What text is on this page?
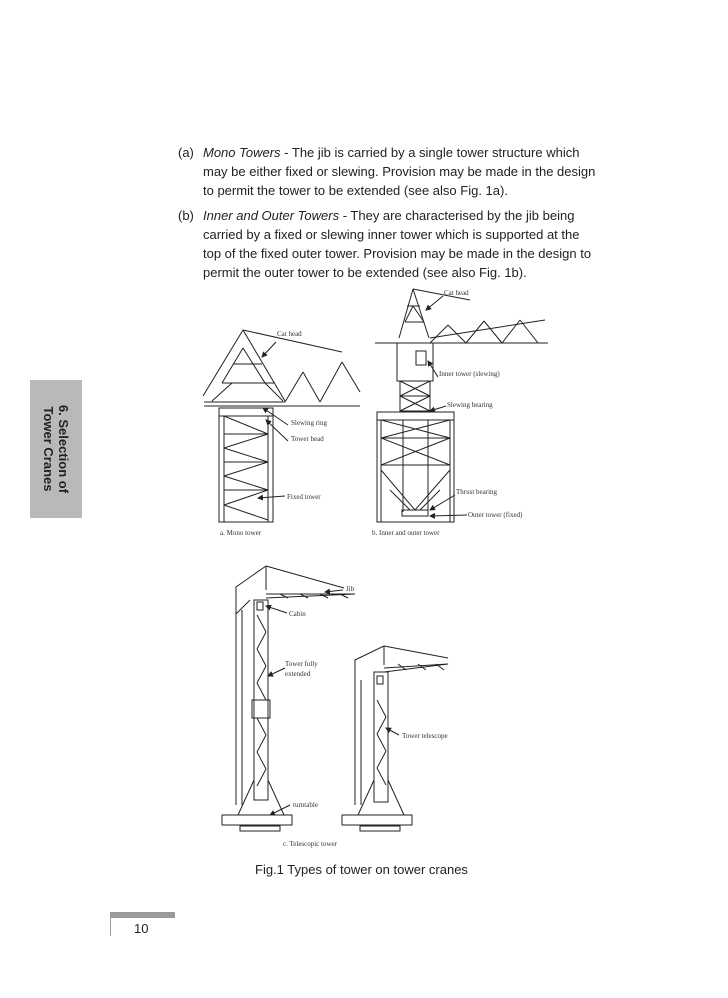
(a) Mono Towers - The jib is carried by a single tower structure which may be either fixed or slewing. Provision may be made in the design to permit the tower to be extended (see also Fig. 1a).
(b) Inner and Outer Towers - They are characterised by the jib being carried by a fixed or slewing inner tower which is supported at the top of the fixed outer tower. Provision may be made in the design to permit the outer tower to be extended (see also Fig. 1b).
6. Selection of
Tower Cranes
Cat head
Slewing ring
Tower head
Fixed tower
a. Mono tower
Cat head
Inner tower (slewing)
Slewing bearing
Thrust bearing
Outer tower (fixed)
b. Inner and outer tower
Jib
Cabin
Tower fully
extended
Tower telescope
turntable
c. Telescopic tower
Fig.1 Types of tower on tower cranes
10
